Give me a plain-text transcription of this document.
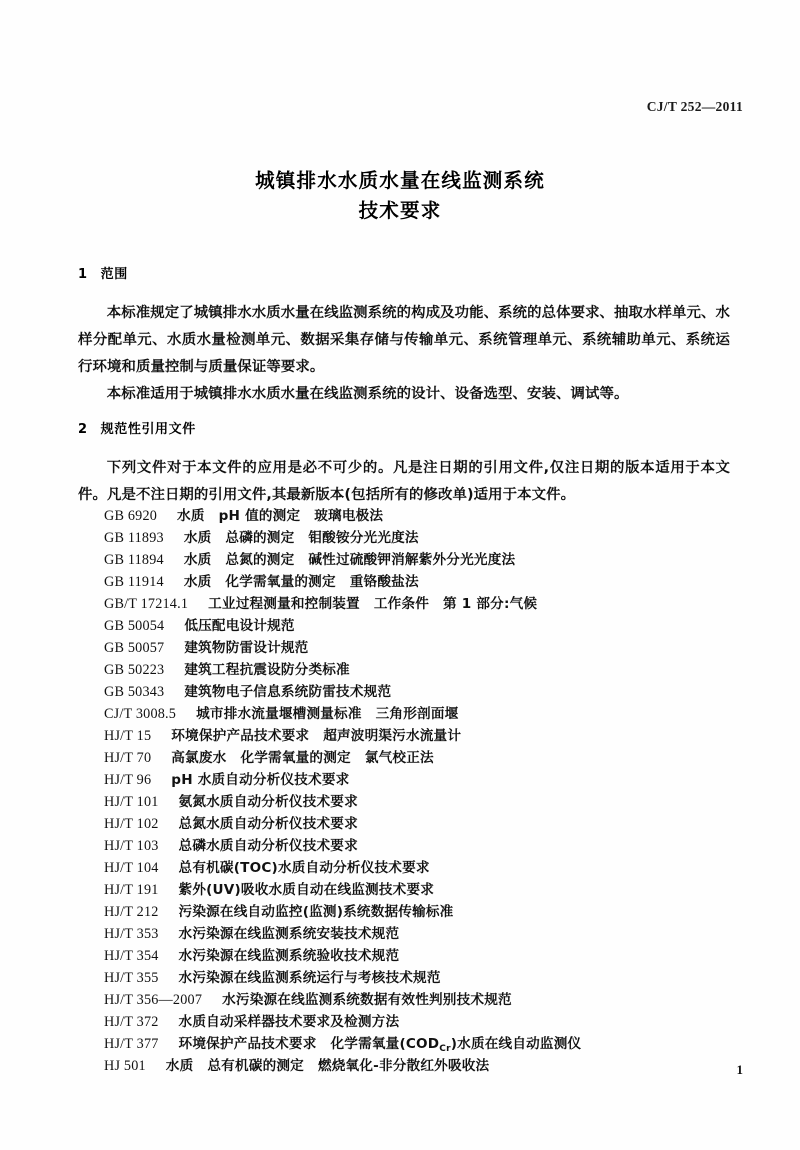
CJ/T 252—2011
城镇排水水质水量在线监测系统
技术要求
1 范围
本标准规定了城镇排水水质水量在线监测系统的构成及功能、系统的总体要求、抽取水样单元、水样分配单元、水质水量检测单元、数据采集存储与传输单元、系统管理单元、系统辅助单元、系统运行环境和质量控制与质量保证等要求。
本标准适用于城镇排水水质水量在线监测系统的设计、设备选型、安装、调试等。
2 规范性引用文件
下列文件对于本文件的应用是必不可少的。凡是注日期的引用文件,仅注日期的版本适用于本文件。凡是不注日期的引用文件,其最新版本(包括所有的修改单)适用于本文件。
GB 6920 水质 pH 值的测定 玻璃电极法
GB 11893 水质 总磷的测定 钼酸铵分光光度法
GB 11894 水质 总氮的测定 碱性过硫酸钾消解紫外分光光度法
GB 11914 水质 化学需氧量的测定 重铬酸盐法
GB/T 17214.1 工业过程测量和控制装置 工作条件 第 1 部分:气候
GB 50054 低压配电设计规范
GB 50057 建筑物防雷设计规范
GB 50223 建筑工程抗震设防分类标准
GB 50343 建筑物电子信息系统防雷技术规范
CJ/T 3008.5 城市排水流量堰槽测量标准 三角形剖面堰
HJ/T 15 环境保护产品技术要求 超声波明渠污水流量计
HJ/T 70 高氯废水 化学需氧量的测定 氯气校正法
HJ/T 96 pH 水质自动分析仪技术要求
HJ/T 101 氨氮水质自动分析仪技术要求
HJ/T 102 总氮水质自动分析仪技术要求
HJ/T 103 总磷水质自动分析仪技术要求
HJ/T 104 总有机碳(TOC)水质自动分析仪技术要求
HJ/T 191 紫外(UV)吸收水质自动在线监测技术要求
HJ/T 212 污染源在线自动监控(监测)系统数据传输标准
HJ/T 353 水污染源在线监测系统安装技术规范
HJ/T 354 水污染源在线监测系统验收技术规范
HJ/T 355 水污染源在线监测系统运行与考核技术规范
HJ/T 356—2007 水污染源在线监测系统数据有效性判别技术规范
HJ/T 372 水质自动采样器技术要求及检测方法
HJ/T 377 环境保护产品技术要求 化学需氧量$(COD_{Cr})$水质在线自动监测仪
HJ 501 水质 总有机碳的测定 燃烧氧化-非分散红外吸收法	1
